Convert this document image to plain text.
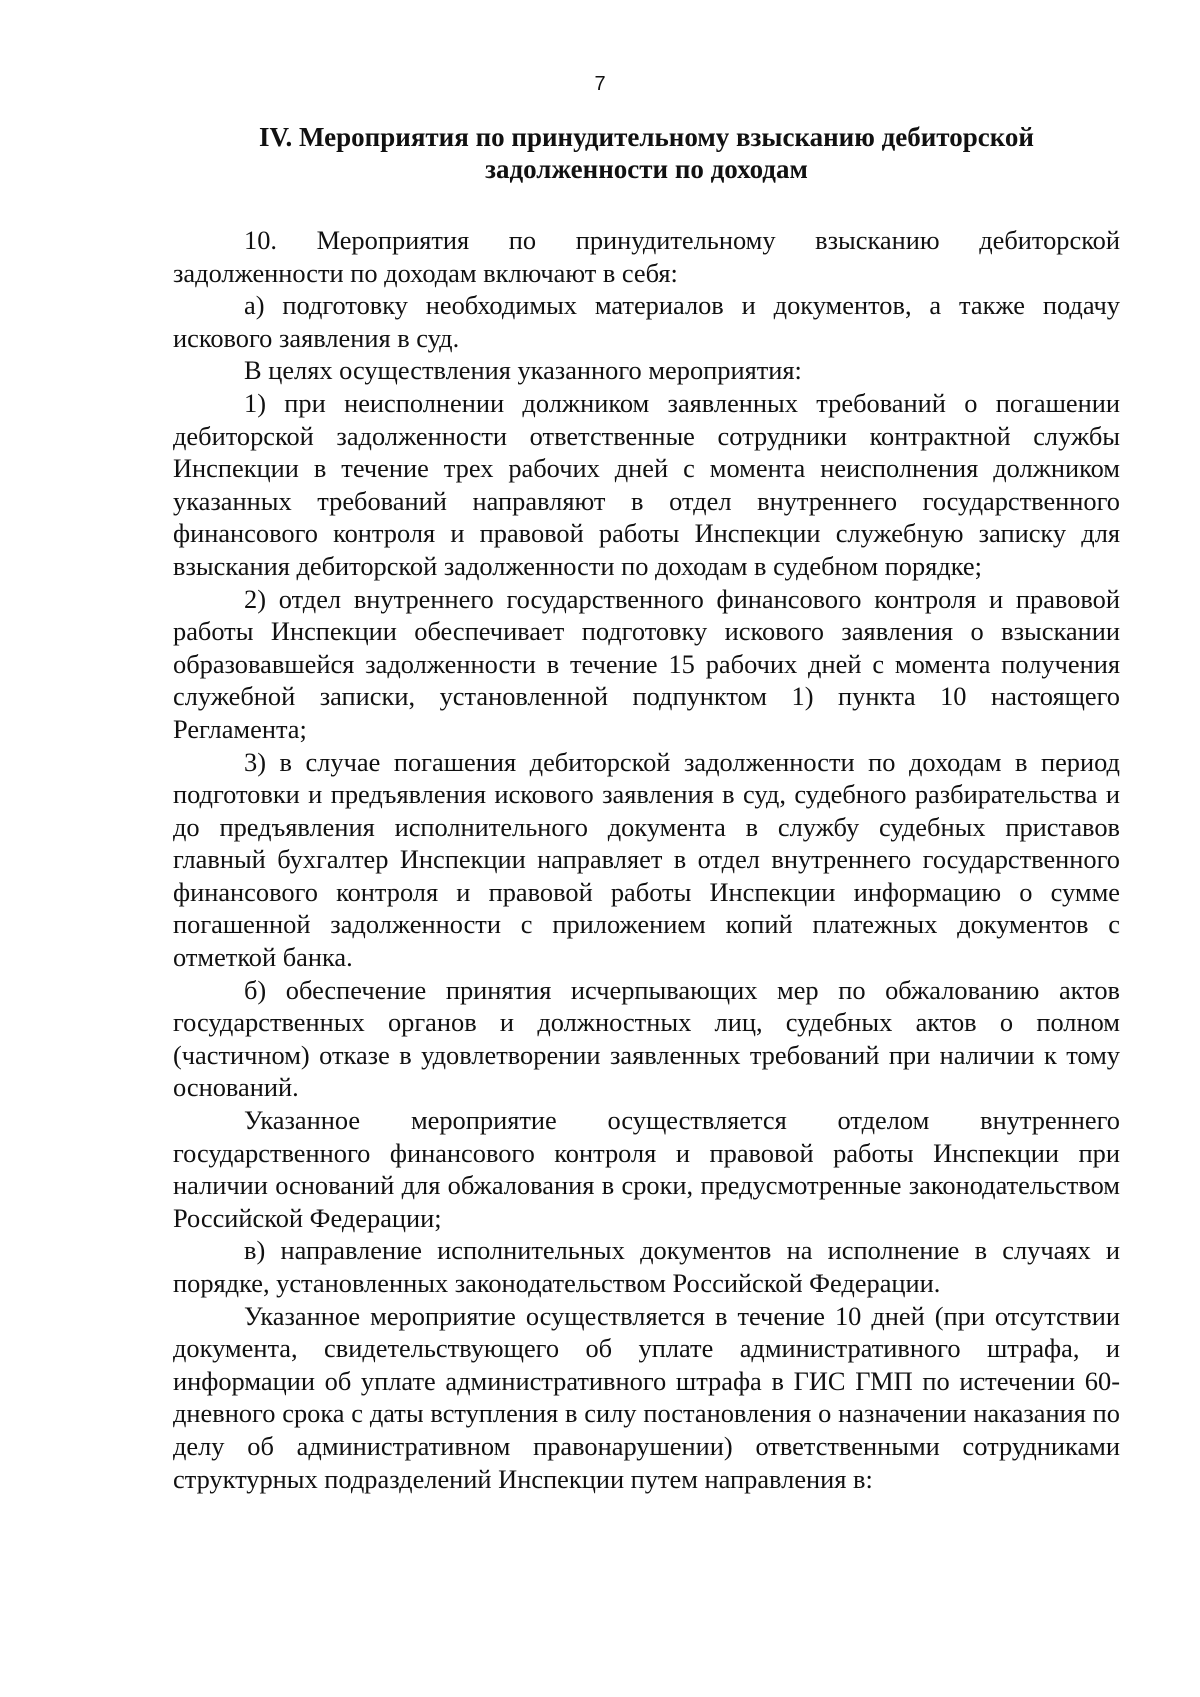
7
IV. Мероприятия по принудительному взысканию дебиторской
задолженности по доходам

10. Мероприятия по принудительному взысканию дебиторской задолженности по доходам включают в себя:

а) подготовку необходимых материалов и документов, а также подачу искового заявления в суд.

В целях осуществления указанного мероприятия:

1) при неисполнении должником заявленных требований о погашении дебиторской задолженности ответственные сотрудники контрактной службы Инспекции в течение трех рабочих дней с момента неисполнения должником указанных требований направляют в отдел внутреннего государственного финансового контроля и правовой работы Инспекции служебную записку для взыскания дебиторской задолженности по доходам в судебном порядке;

2) отдел внутреннего государственного финансового контроля и правовой работы Инспекции обеспечивает подготовку искового заявления о взыскании образовавшейся задолженности в течение 15 рабочих дней с момента получения служебной записки, установленной подпунктом 1) пункта 10 настоящего Регламента;

3) в случае погашения дебиторской задолженности по доходам в период подготовки и предъявления искового заявления в суд, судебного разбирательства и до предъявления исполнительного документа в службу судебных приставов главный бухгалтер Инспекции направляет в отдел внутреннего государственного финансового контроля и правовой работы Инспекции информацию о сумме погашенной задолженности с приложением копий платежных документов с отметкой банка.

б) обеспечение принятия исчерпывающих мер по обжалованию актов государственных органов и должностных лиц, судебных актов о полном (частичном) отказе в удовлетворении заявленных требований при наличии к тому оснований.

Указанное мероприятие осуществляется отделом внутреннего государственного финансового контроля и правовой работы Инспекции при наличии оснований для обжалования в сроки, предусмотренные законодательством Российской Федерации;

в) направление исполнительных документов на исполнение в случаях и порядке, установленных законодательством Российской Федерации.

Указанное мероприятие осуществляется в течение 10 дней (при отсутствии документа, свидетельствующего об уплате административного штрафа, и информации об уплате административного штрафа в ГИС ГМП по истечении 60-дневного срока с даты вступления в силу постановления о назначении наказания по делу об административном правонарушении) ответственными сотрудниками структурных подразделений Инспекции путем направления в:
